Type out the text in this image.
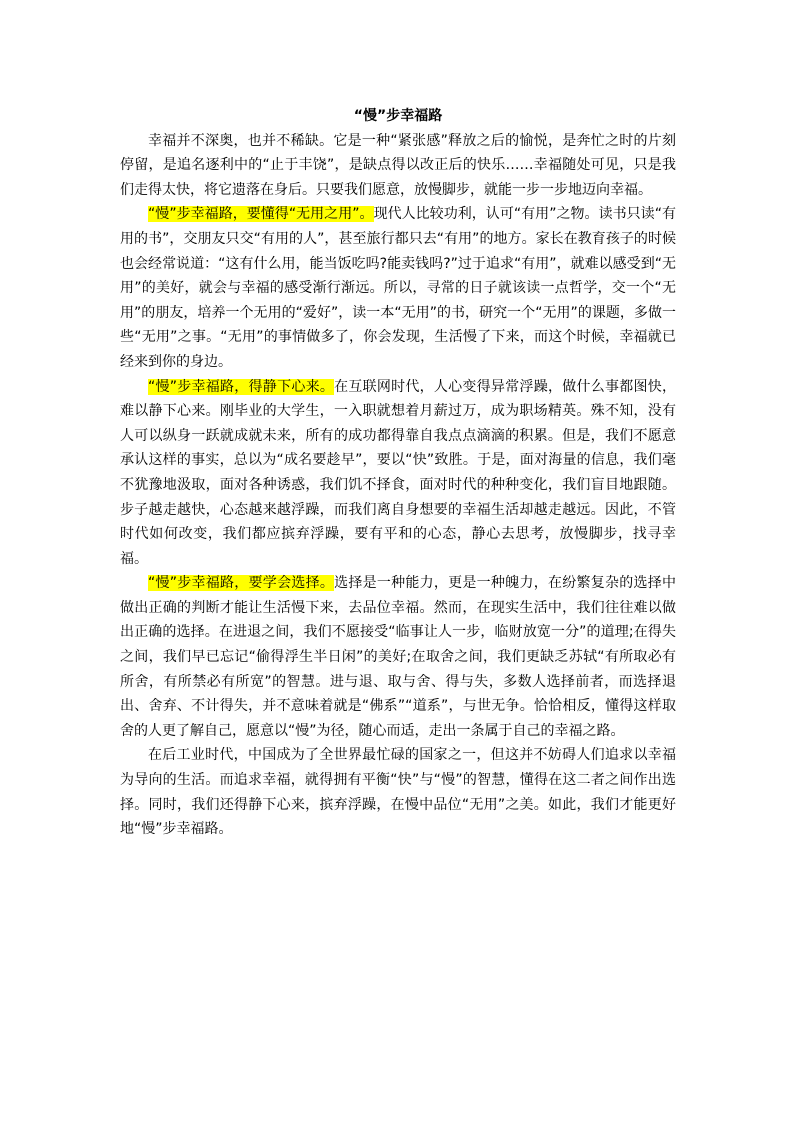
“慢”步幸福路

幸福并不深奥，也并不稀缺。它是一种“紧张感”释放之后的愉悦，是奔忙之时的片刻停留，是追名逐利中的“止于丰饶”，是缺点得以改正后的快乐……幸福随处可见，只是我们走得太快，将它遗落在身后。只要我们愿意，放慢脚步，就能一步一步地迈向幸福。

“慢”步幸福路，要懂得“无用之用”。现代人比较功利，认可“有用”之物。读书只读“有用的书”，交朋友只交“有用的人”，甚至旅行都只去“有用”的地方。家长在教育孩子的时候也会经常说道：“这有什么用，能当饭吃吗?能卖钱吗?”过于追求“有用”，就难以感受到“无用”的美好，就会与幸福的感受渐行渐远。所以，寻常的日子就该读一点哲学，交一个“无用”的朋友，培养一个无用的“爱好”，读一本“无用”的书，研究一个“无用”的课题，多做一些“无用”之事。“无用”的事情做多了，你会发现，生活慢了下来，而这个时候，幸福就已经来到你的身边。

“慢”步幸福路，得静下心来。在互联网时代，人心变得异常浮躁，做什么事都图快，难以静下心来。刚毕业的大学生，一入职就想着月薪过万，成为职场精英。殊不知，没有人可以纵身一跃就成就未来，所有的成功都得靠自我点点滴滴的积累。但是，我们不愿意承认这样的事实，总以为“成名要趁早”，要以“快”致胜。于是，面对海量的信息，我们毫不犹豫地汲取，面对各种诱惑，我们饥不择食，面对时代的种种变化，我们盲目地跟随。步子越走越快，心态越来越浮躁，而我们离自身想要的幸福生活却越走越远。因此，不管时代如何改变，我们都应摈弃浮躁，要有平和的心态，静心去思考，放慢脚步，找寻幸福。

“慢”步幸福路，要学会选择。选择是一种能力，更是一种魄力，在纷繁复杂的选择中做出正确的判断才能让生活慢下来，去品位幸福。然而，在现实生活中，我们往往难以做出正确的选择。在进退之间，我们不愿接受“临事让人一步，临财放宽一分”的道理;在得失之间，我们早已忘记“偷得浮生半日闲”的美好;在取舍之间，我们更缺乏苏轼“有所取必有所舍，有所禁必有所宽”的智慧。进与退、取与舍、得与失，多数人选择前者，而选择退出、舍弃、不计得失，并不意味着就是“佛系”“道系”，与世无争。恰恰相反，懂得这样取舍的人更了解自己，愿意以“慢”为径，随心而适，走出一条属于自己的幸福之路。

在后工业时代，中国成为了全世界最忙碌的国家之一，但这并不妨碍人们追求以幸福为导向的生活。而追求幸福，就得拥有平衡“快”与“慢”的智慧，懂得在这二者之间作出选择。同时，我们还得静下心来，摈弃浮躁，在慢中品位“无用”之美。如此，我们才能更好地“慢”步幸福路。
